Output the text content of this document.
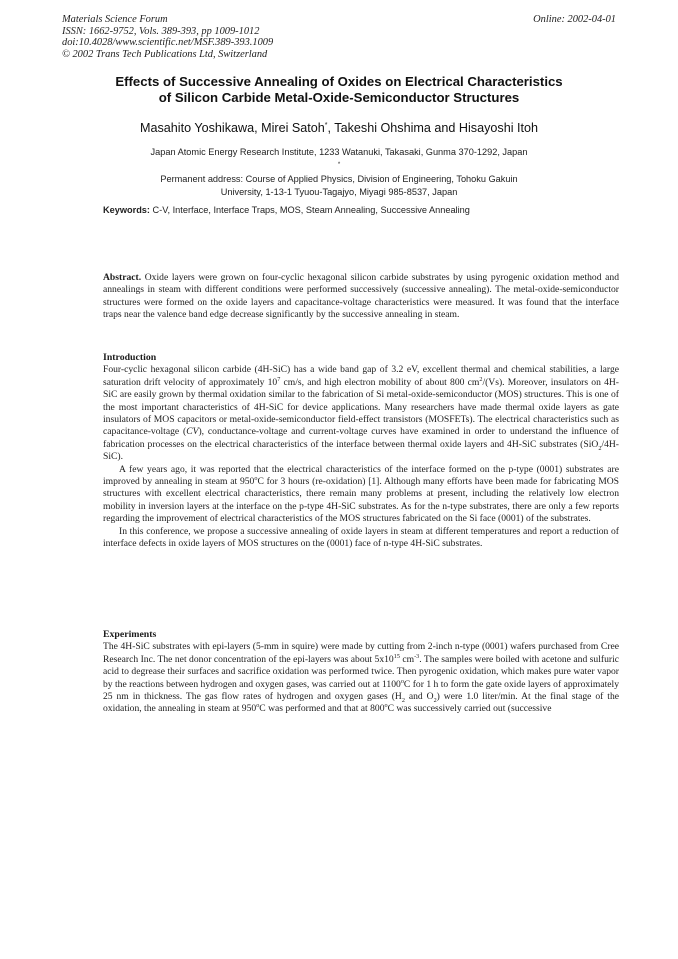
Materials Science Forum
ISSN: 1662-9752, Vols. 389-393, pp 1009-1012
doi:10.4028/www.scientific.net/MSF.389-393.1009
© 2002 Trans Tech Publications Ltd, Switzerland
Online: 2002-04-01
Effects of Successive Annealing of Oxides on Electrical Characteristics
of Silicon Carbide Metal-Oxide-Semiconductor Structures
Masahito Yoshikawa, Mirei Satoh*, Takeshi Ohshima and Hisayoshi Itoh
Japan Atomic Energy Research Institute, 1233 Watanuki, Takasaki, Gunma 370-1292, Japan
*
Permanent address: Course of Applied Physics, Division of Engineering, Tohoku Gakuin
University, 1-13-1 Tyuou-Tagajyo, Miyagi 985-8537, Japan
Keywords: C-V, Interface, Interface Traps, MOS, Steam Annealing, Successive Annealing

Abstract. Oxide layers were grown on four-cyclic hexagonal silicon carbide substrates by using pyrogenic oxidation method and annealings in steam with different conditions were performed successively (successive annealing). The metal-oxide-semiconductor structures were formed on the oxide layers and capacitance-voltage characteristics were measured. It was found that the interface traps near the valence band edge decrease significantly by the successive annealing in steam.

Introduction

Four-cyclic hexagonal silicon carbide (4H-SiC) has a wide band gap of 3.2 eV, excellent thermal and chemical stabilities, a large saturation drift velocity of approximately $10^7$ cm/s, and high electron mobility of about 800 $cm^2/(Vs)$. Moreover, insulators on 4H-SiC are easily grown by thermal oxidation similar to the fabrication of Si metal-oxide-semiconductor (MOS) structures. This is one of the most important characteristics of 4H-SiC for device applications. Many researchers have made thermal oxide layers as gate insulators of MOS capacitors or metal-oxide-semiconductor field-effect transistors (MOSFETs). The electrical characteristics such as capacitance-voltage (CV), conductance-voltage and current-voltage curves have examined in order to understand the influence of fabrication processes on the electrical characteristics of the interface between thermal oxide layers and 4H-SiC substrates (SiO$_2$/4H-SiC).

A few years ago, it was reported that the electrical characteristics of the interface formed on the p-type (0001) substrates are improved by annealing in steam at 950$^o$C for 3 hours (re-oxidation) [1]. Although many efforts have been made for fabricating MOS structures with excellent electrical characteristics, there remain many problems at present, including the relatively low electron mobility in inversion layers at the interface on the p-type 4H-SiC substrates. As for the n-type substrates, there are only a few reports regarding the improvement of electrical characteristics of the MOS structures fabricated on the Si face (0001) of the substrates.

In this conference, we propose a successive annealing of oxide layers in steam at different temperatures and report a reduction of interface defects in oxide layers of MOS structures on the (0001) face of n-type 4H-SiC substrates.

Experiments

The 4H-SiC substrates with epi-layers (5-mm in squire) were made by cutting from 2-inch n-type (0001) wafers purchased from Cree Research Inc. The net donor concentration of the epi-layers was about $5x10^{15}$ $cm^{-3}$. The samples were boiled with acetone and sulfuric acid to degrease their surfaces and sacrifice oxidation was performed twice. Then pyrogenic oxidation, which makes pure water vapor by the reactions between hydrogen and oxygen gases, was carried out at 1100$^o$C for 1 h to form the gate oxide layers of approximately 25 nm in thickness. The gas flow rates of hydrogen and oxygen gases ($H_2$ and $O_2$) were 1.0 liter/min. At the final stage of the oxidation, the annealing in steam at 950$^o$C was performed and that at 800$^o$C was successively carried out (successive
